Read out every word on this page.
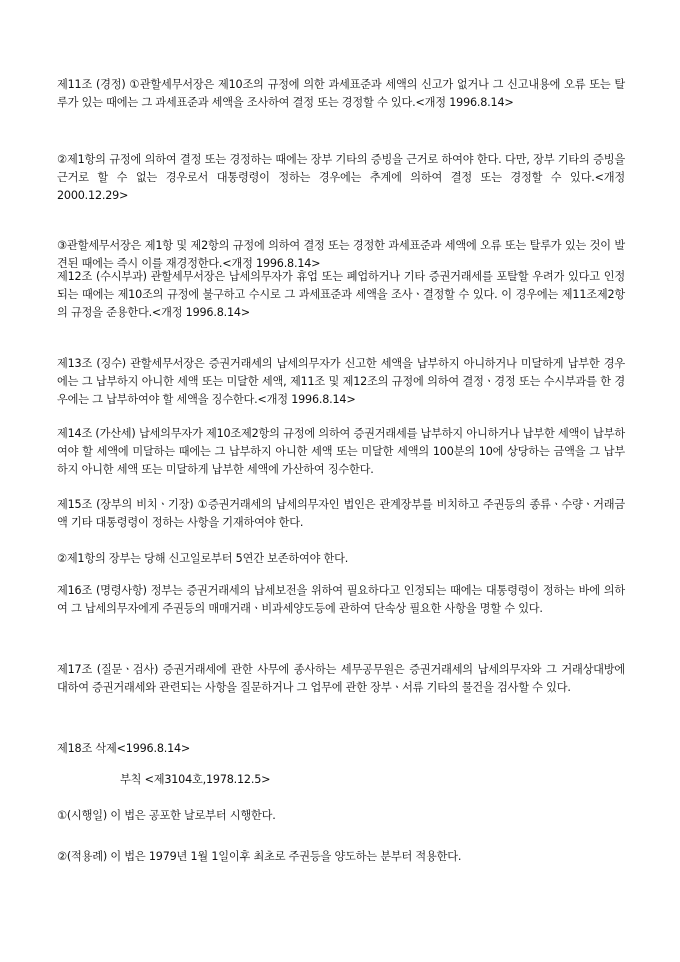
제11조 (경정) ①관할세무서장은 제10조의 규정에 의한 과세표준과 세액의 신고가 없거나 그 신고내용에 오류 또는 탈루가 있는 때에는 그 과세표준과 세액을 조사하여 결정 또는 경정할 수 있다.<개정 1996.8.14>

②제1항의 규정에 의하여 결정 또는 경정하는 때에는 장부 기타의 증빙을 근거로 하여야 한다. 다만, 장부 기타의 증빙을 근거로 할 수 없는 경우로서 대통령령이 정하는 경우에는 추계에 의하여 결정 또는 경정할 수 있다.<개정 2000.12.29>

③관할세무서장은 제1항 및 제2항의 규정에 의하여 결정 또는 경정한 과세표준과 세액에 오류 또는 탈루가 있는 것이 발견된 때에는 즉시 이를 재경정한다.<개정 1996.8.14>

제12조 (수시부과) 관할세무서장은 납세의무자가 휴업 또는 폐업하거나 기타 증권거래세를 포탈할 우려가 있다고 인정되는 때에는 제10조의 규정에 불구하고 수시로 그 과세표준과 세액을 조사ㆍ결정할 수 있다. 이 경우에는 제11조제2항의 규정을 준용한다.<개정 1996.8.14>

제13조 (징수) 관할세무서장은 증권거래세의 납세의무자가 신고한 세액을 납부하지 아니하거나 미달하게 납부한 경우에는 그 납부하지 아니한 세액 또는 미달한 세액, 제11조 및 제12조의 규정에 의하여 결정ㆍ경정 또는 수시부과를 한 경우에는 그 납부하여야 할 세액을 징수한다.<개정 1996.8.14>

제14조 (가산세) 납세의무자가 제10조제2항의 규정에 의하여 증권거래세를 납부하지 아니하거나 납부한 세액이 납부하여야 할 세액에 미달하는 때에는 그 납부하지 아니한 세액 또는 미달한 세액의 100분의 10에 상당하는 금액을 그 납부하지 아니한 세액 또는 미달하게 납부한 세액에 가산하여 징수한다.

제15조 (장부의 비치ㆍ기장) ①증권거래세의 납세의무자인 법인은 관계장부를 비치하고 주권등의 종류ㆍ수량ㆍ거래금액 기타 대통령령이 정하는 사항을 기재하여야 한다.

②제1항의 장부는 당해 신고일로부터 5연간 보존하여야 한다.

제16조 (명령사항) 정부는 증권거래세의 납세보전을 위하여 필요하다고 인정되는 때에는 대통령령이 정하는 바에 의하여 그 납세의무자에게 주권등의 매매거래ㆍ비과세양도등에 관하여 단속상 필요한 사항을 명할 수 있다.

제17조 (질문ㆍ검사) 증권거래세에 관한 사무에 종사하는 세무공무원은 증권거래세의 납세의무자와 그 거래상대방에 대하여 증권거래세와 관련되는 사항을 질문하거나 그 업무에 관한 장부ㆍ서류 기타의 물건을 검사할 수 있다.

제18조 삭제<1996.8.14>

부칙 <제3104호,1978.12.5>

①(시행일) 이 법은 공포한 날로부터 시행한다.

②(적용례) 이 법은 1979년 1월 1일이후 최초로 주권등을 양도하는 분부터 적용한다.
